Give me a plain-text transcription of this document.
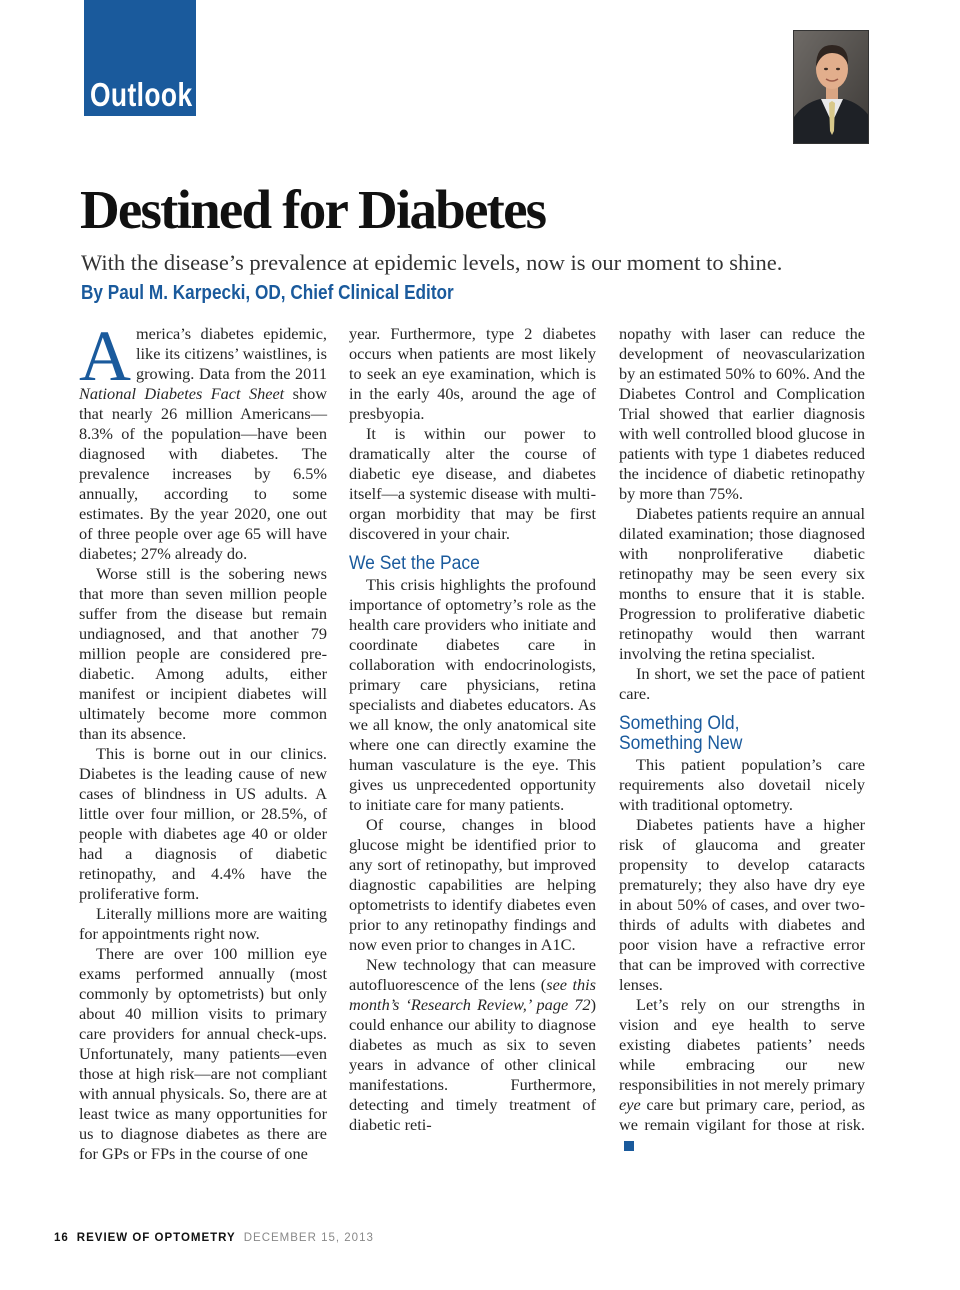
Outlook
Destined for Diabetes
With the disease’s prevalence at epidemic levels, now is our moment to shine.
By Paul M. Karpecki, OD, Chief Clinical Editor

America’s diabetes epidemic, like its citizens’ waistlines, is growing. Data from the 2011 National Diabetes Fact Sheet show that nearly 26 million Americans—8.3% of the population—have been diagnosed with diabetes. The prevalence increases by 6.5% annually, according to some estimates. By the year 2020, one out of three people over age 65 will have diabetes; 27% already do.

Worse still is the sobering news that more than seven million people suffer from the disease but remain undiagnosed, and that another 79 million people are considered pre-diabetic. Among adults, either manifest or incipient diabetes will ultimately become more common than its absence.

This is borne out in our clinics. Diabetes is the leading cause of new cases of blindness in US adults. A little over four million, or 28.5%, of people with diabetes age 40 or older had a diagnosis of diabetic retinopathy, and 4.4% have the proliferative form.

Literally millions more are waiting for appointments right now.

There are over 100 million eye exams performed annually (most commonly by optometrists) but only about 40 million visits to primary care providers for annual check-ups. Unfortunately, many patients—even those at high risk—are not compliant with annual physicals. So, there are at least twice as many opportunities for us to diagnose diabetes as there are for GPs or FPs in the course of one

year. Furthermore, type 2 diabetes occurs when patients are most likely to seek an eye examination, which is in the early 40s, around the age of presbyopia.

It is within our power to dramatically alter the course of diabetic eye disease, and diabetes itself—a systemic disease with multi-organ morbidity that may be first discovered in your chair.

We Set the Pace

This crisis highlights the profound importance of optometry’s role as the health care providers who initiate and coordinate diabetes care in collaboration with endocrinologists, primary care physicians, retina specialists and diabetes educators. As we all know, the only anatomical site where one can directly examine the human vasculature is the eye. This gives us unprecedented opportunity to initiate care for many patients.

Of course, changes in blood glucose might be identified prior to any sort of retinopathy, but improved diagnostic capabilities are helping optometrists to identify diabetes even prior to any retinopathy findings and now even prior to changes in A1C.

New technology that can measure autofluorescence of the lens (see this month’s ‘Research Review,’ page 72) could enhance our ability to diagnose diabetes as much as six to seven years in advance of other clinical manifestations. Furthermore, detecting and timely treatment of diabetic reti-

nopathy with laser can reduce the development of neovascularization by an estimated 50% to 60%. And the Diabetes Control and Complication Trial showed that earlier diagnosis with well controlled blood glucose in patients with type 1 diabetes reduced the incidence of diabetic retinopathy by more than 75%.

Diabetes patients require an annual dilated examination; those diagnosed with nonproliferative diabetic retinopathy may be seen every six months to ensure that it is stable. Progression to proliferative diabetic retinopathy would then warrant involving the retina specialist.

In short, we set the pace of patient care.

Something Old,
Something New

This patient population’s care requirements also dovetail nicely with traditional optometry.

Diabetes patients have a higher risk of glaucoma and greater propensity to develop cataracts prematurely; they also have dry eye in about 50% of cases, and over two-thirds of adults with diabetes and poor vision have a refractive error that can be improved with corrective lenses.

Let’s rely on our strengths in vision and eye health to serve existing diabetes patients’ needs while embracing our new responsibilities in not merely primary eye care but primary care, period, as we remain vigilant for those at risk.

16 REVIEW OF OPTOMETRY DECEMBER 15, 2013
